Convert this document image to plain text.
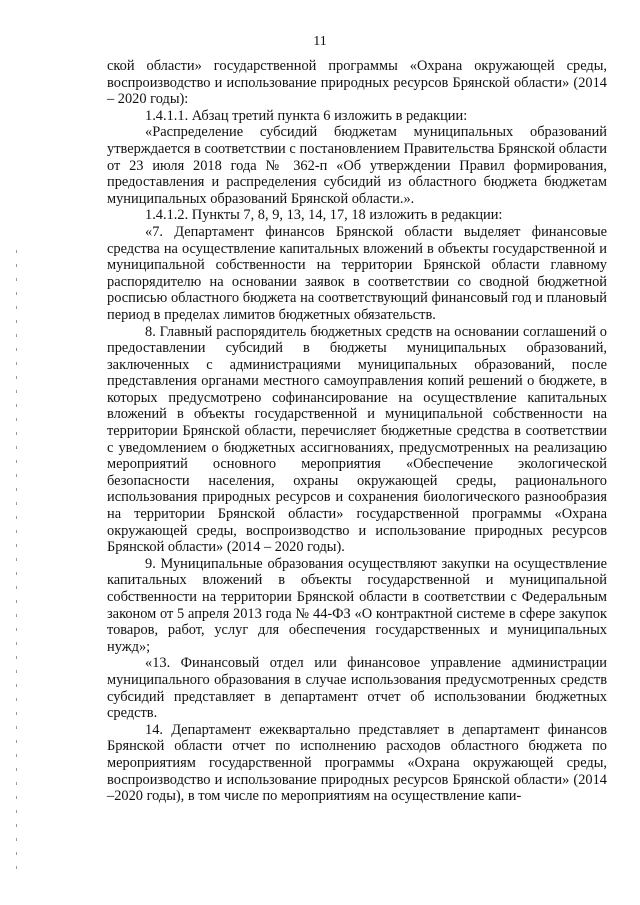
11

ской области» государственной программы «Охрана окружающей среды, воспроизводство и использование природных ресурсов Брянской области» (2014 – 2020 годы):

1.4.1.1. Абзац третий пункта 6 изложить в редакции:

«Распределение субсидий бюджетам муниципальных образований утверждается в соответствии с постановлением Правительства Брянской области от 23 июля 2018 года № 362-п «Об утверждении Правил формирования, предоставления и распределения субсидий из областного бюджета бюджетам муниципальных образований Брянской области.».

1.4.1.2. Пункты 7, 8, 9, 13, 14, 17, 18 изложить в редакции:

«7. Департамент финансов Брянской области выделяет финансовые средства на осуществление капитальных вложений в объекты государственной и муниципальной собственности на территории Брянской области главному распорядителю на основании заявок в соответствии со сводной бюджетной росписью областного бюджета на соответствующий финансовый год и плановый период в пределах лимитов бюджетных обязательств.

8. Главный распорядитель бюджетных средств на основании соглашений о предоставлении субсидий в бюджеты муниципальных образований, заключенных с администрациями муниципальных образований, после представления органами местного самоуправления копий решений о бюджете, в которых предусмотрено софинансирование на осуществление капитальных вложений в объекты государственной и муниципальной собственности на территории Брянской области, перечисляет бюджетные средства в соответствии с уведомлением о бюджетных ассигнованиях, предусмотренных на реализацию мероприятий основного мероприятия «Обеспечение экологической безопасности населения, охраны окружающей среды, рационального использования природных ресурсов и сохранения биологического разнообразия на территории Брянской области» государственной программы «Охрана окружающей среды, воспроизводство и использование природных ресурсов Брянской области» (2014 – 2020 годы).

9. Муниципальные образования осуществляют закупки на осуществление капитальных вложений в объекты государственной и муниципальной собственности на территории Брянской области в соответствии с Федеральным законом от 5 апреля 2013 года № 44-ФЗ «О контрактной системе в сфере закупок товаров, работ, услуг для обеспечения государственных и муниципальных нужд»;

«13. Финансовый отдел или финансовое управление администрации муниципального образования в случае использования предусмотренных средств субсидий представляет в департамент отчет об использовании бюджетных средств.

14. Департамент ежеквартально представляет в департамент финансов Брянской области отчет по исполнению расходов областного бюджета по мероприятиям государственной программы «Охрана окружающей среды, воспроизводство и использование природных ресурсов Брянской области» (2014 –2020 годы), в том числе по мероприятиям на осуществление капи-
